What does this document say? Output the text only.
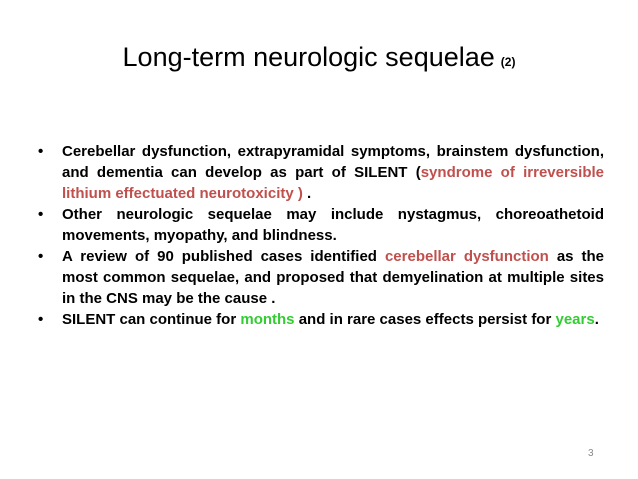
Long-term neurologic sequelae (2)
•	Cerebellar dysfunction, extrapyramidal symptoms, brainstem dysfunction, and dementia can develop as part of SILENT (syndrome of irreversible lithium effectuated neurotoxicity ) .
•	Other neurologic sequelae may include nystagmus, choreoathetoid movements, myopathy, and blindness.
•	A review of 90 published cases identified cerebellar dysfunction as the most common sequelae, and proposed that demyelination at multiple sites in the CNS may be the cause .
•	SILENT can continue for months and in rare cases effects persist for years.
3
